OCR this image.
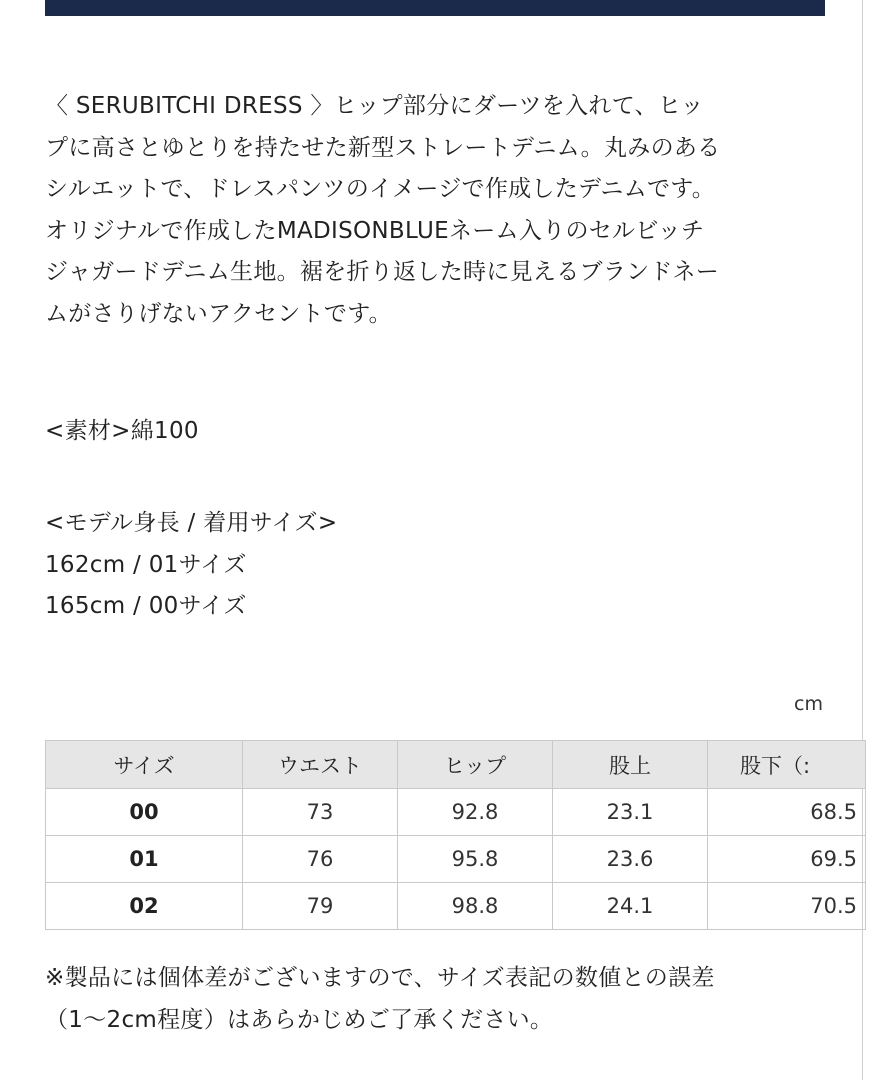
〈 SERUBITCHI DRESS 〉ヒップ部分にダーツを入れて、ヒッ
プに高さとゆとりを持たせた新型ストレートデニム。丸みのある
シルエットで、ドレスパンツのイメージで作成したデニムです。
オリジナルで作成したMADISONBLUEネーム入りのセルビッチ
ジャガードデニム生地。裾を折り返した時に見えるブランドネー
ムがさりげないアクセントです。
<素材>綿100
<モデル身長 / 着用サイズ>
162cm / 01サイズ
165cm / 00サイズ
cm
サイズ	ウエスト	ヒップ	股上	股下（:
00	73	92.8	23.1	68.5
01	76	95.8	23.6	69.5
02	79	98.8	24.1	70.5
※製品には個体差がございますので、サイズ表記の数値との誤差
（1〜2cm程度）はあらかじめご了承ください。
